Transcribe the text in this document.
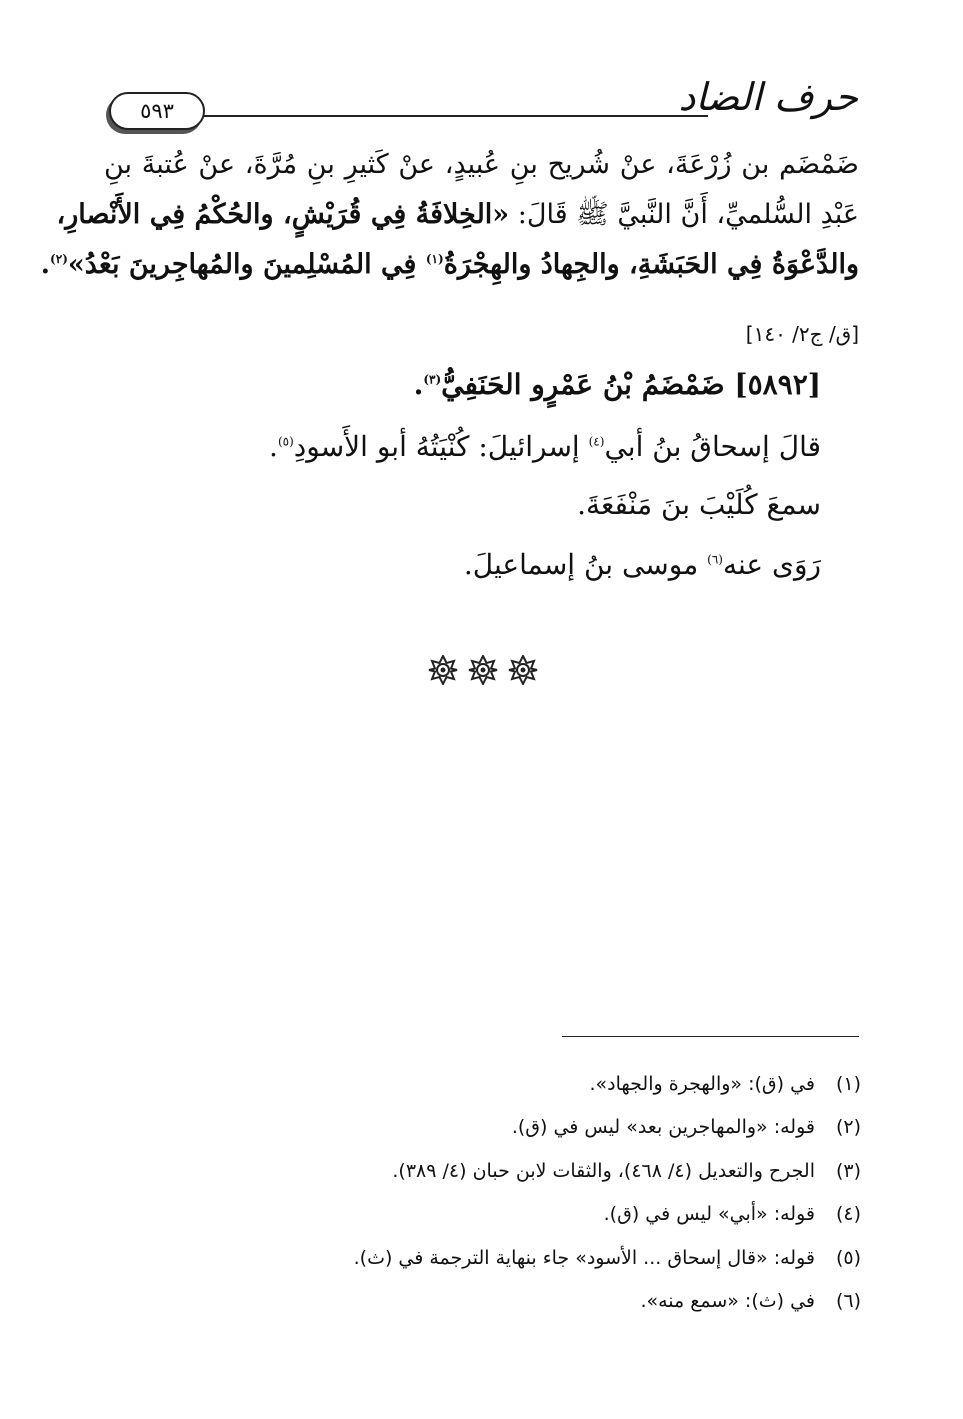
٥٩٣	حرف الضاد
ضَمْضَم بن زُرْعَةَ، عنْ شُريح بنِ عُبيدٍ، عنْ كَثيرِ بنِ مُرَّةَ، عنْ عُتبةَ بنِ
عَبْدِ السُّلميِّ، أَنَّ النَّبيَّ ﷺ قَالَ: «الخِلافَةُ فِي قُرَيْشٍ، والحُكْمُ فِي الأَنْصارِ،
والدَّعْوَةُ فِي الحَبَشَةِ، والجِهادُ والهِجْرَةُ$^{(١)}$ فِي المُسْلِمينَ والمُهاجِرينَ بَعْدُ»$^{(٢)}$.
[ق/ ج٢/ ١٤٠]
[٥٨٩٢] ضَمْضَمُ بْنُ عَمْرٍو الحَنَفِيُّ$^{(٣)}$.
قالَ إسحاقُ بنُ أبي$^{(٤)}$ إسرائيلَ: كُنْيَتُهُ أبو الأَسودِ$^{(٥)}$.
سمعَ كُلَيْبَ بنَ مَنْفَعَةَ.
رَوَى عنه$^{(٦)}$ موسى بنُ إسماعيلَ.
(١)
في (ق): «والهجرة والجهاد».
(٢)
قوله: «والمهاجرين بعد» ليس في (ق).
(٣)
الجرح والتعديل (٤/ ٤٦٨)، والثقات لابن حبان (٤/ ٣٨٩).
(٤)
قوله: «أبي» ليس في (ق).
(٥)
قوله: «قال إسحاق ... الأسود» جاء بنهاية الترجمة في (ث).
(٦)
في (ث): «سمع منه».
